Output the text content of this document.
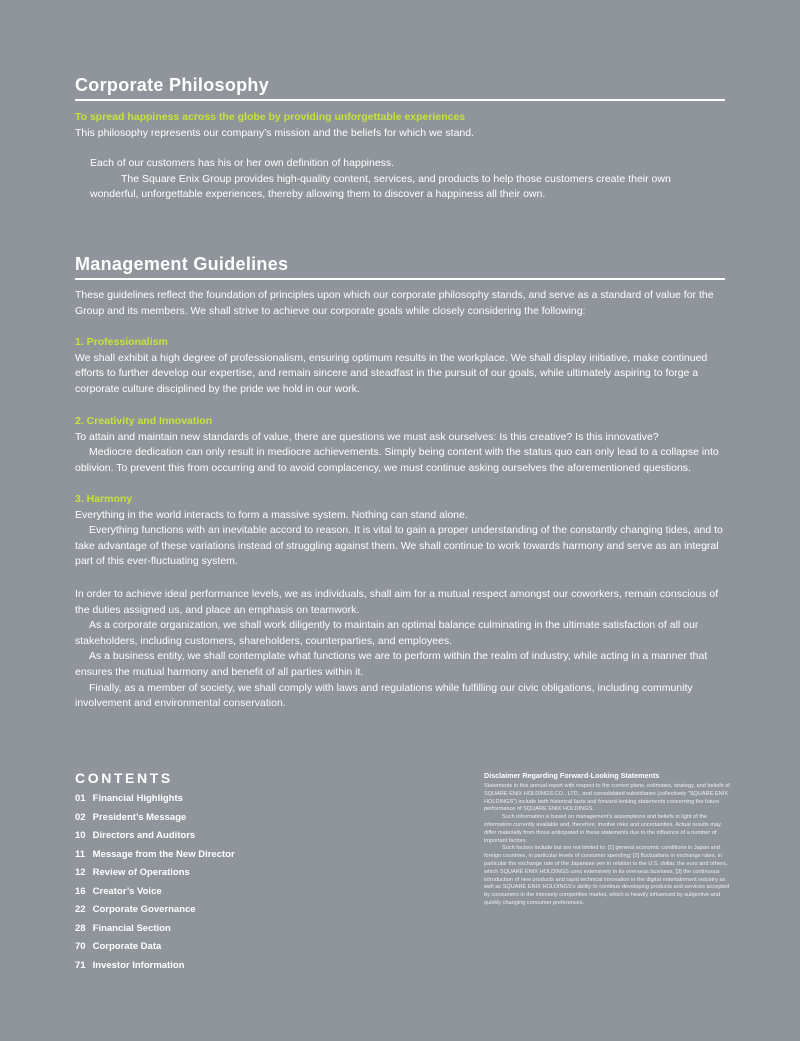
Corporate Philosophy

To spread happiness across the globe by providing unforgettable experiences
This philosophy represents our company’s mission and the beliefs for which we stand.

Each of our customers has his or her own definition of happiness.
The Square Enix Group provides high-quality content, services, and products to help those customers create their own
wonderful, unforgettable experiences, thereby allowing them to discover a happiness all their own.

Management Guidelines

These guidelines reflect the foundation of principles upon which our corporate philosophy stands, and serve as a standard of value for the Group and its members. We shall strive to achieve our corporate goals while closely considering the following:

1. Professionalism
We shall exhibit a high degree of professionalism, ensuring optimum results in the workplace. We shall display initiative, make continued efforts to further develop our expertise, and remain sincere and steadfast in the pursuit of our goals, while ultimately aspiring to forge a corporate culture disciplined by the pride we hold in our work.
2. Creativity and Innovation
To attain and maintain new standards of value, there are questions we must ask ourselves: Is this creative? Is this innovative?
Mediocre dedication can only result in mediocre achievements. Simply being content with the status quo can only lead to a collapse into oblivion. To prevent this from occurring and to avoid complacency, we must continue asking ourselves the aforementioned questions.
3. Harmony
Everything in the world interacts to form a massive system. Nothing can stand alone.
Everything functions with an inevitable accord to reason. It is vital to gain a proper understanding of the constantly changing tides, and to take advantage of these variations instead of struggling against them. We shall continue to work towards harmony and serve as an integral part of this ever-fluctuating system.
In order to achieve ideal performance levels, we as individuals, shall aim for a mutual respect amongst our coworkers, remain conscious of the duties assigned us, and place an emphasis on teamwork.
As a corporate organization, we shall work diligently to maintain an optimal balance culminating in the ultimate satisfaction of all our stakeholders, including customers, shareholders, counterparties, and employees.
As a business entity, we shall contemplate what functions we are to perform within the realm of industry, while acting in a manner that ensures the mutual harmony and benefit of all parties within it.
Finally, as a member of society, we shall comply with laws and regulations while fulfilling our civic obligations, including community involvement and environmental conservation.
CONTENTS
01 Financial Highlights
02 President’s Message
10 Directors and Auditors
11 Message from the New Director
12 Review of Operations
16 Creator’s Voice
22 Corporate Governance
28 Financial Section
70 Corporate Data
71 Investor Information
Disclaimer Regarding Forward-Looking Statements

Statements in this annual report with respect to the current plans, estimates, strategy, and beliefs of SQUARE ENIX HOLDINGS CO., LTD., and consolidated subsidiaries (collectively “SQUARE ENIX HOLDINGS”) include both historical facts and forward-looking statements concerning the future performance of SQUARE ENIX HOLDINGS.

Such information is based on management’s assumptions and beliefs in light of the information currently available and, therefore, involve risks and uncertainties. Actual results may differ materially from those anticipated in these statements due to the influence of a number of important factors.

Such factors include but are not limited to: [1] general economic conditions in Japan and foreign countries, in particular levels of consumer spending; [2] fluctuations in exchange rates, in particular the exchange rate of the Japanese yen in relation to the U.S. dollar, the euro and others, which SQUARE ENIX HOLDINGS uses extensively in its overseas business; [3] the continuous introduction of new products and rapid technical innovation in the digital entertainment industry as well as SQUARE ENIX HOLDINGS’s ability to continue developing products and services accepted by consumers in the intensely competitive market, which is heavily influenced by subjective and quickly changing consumer preferences.
